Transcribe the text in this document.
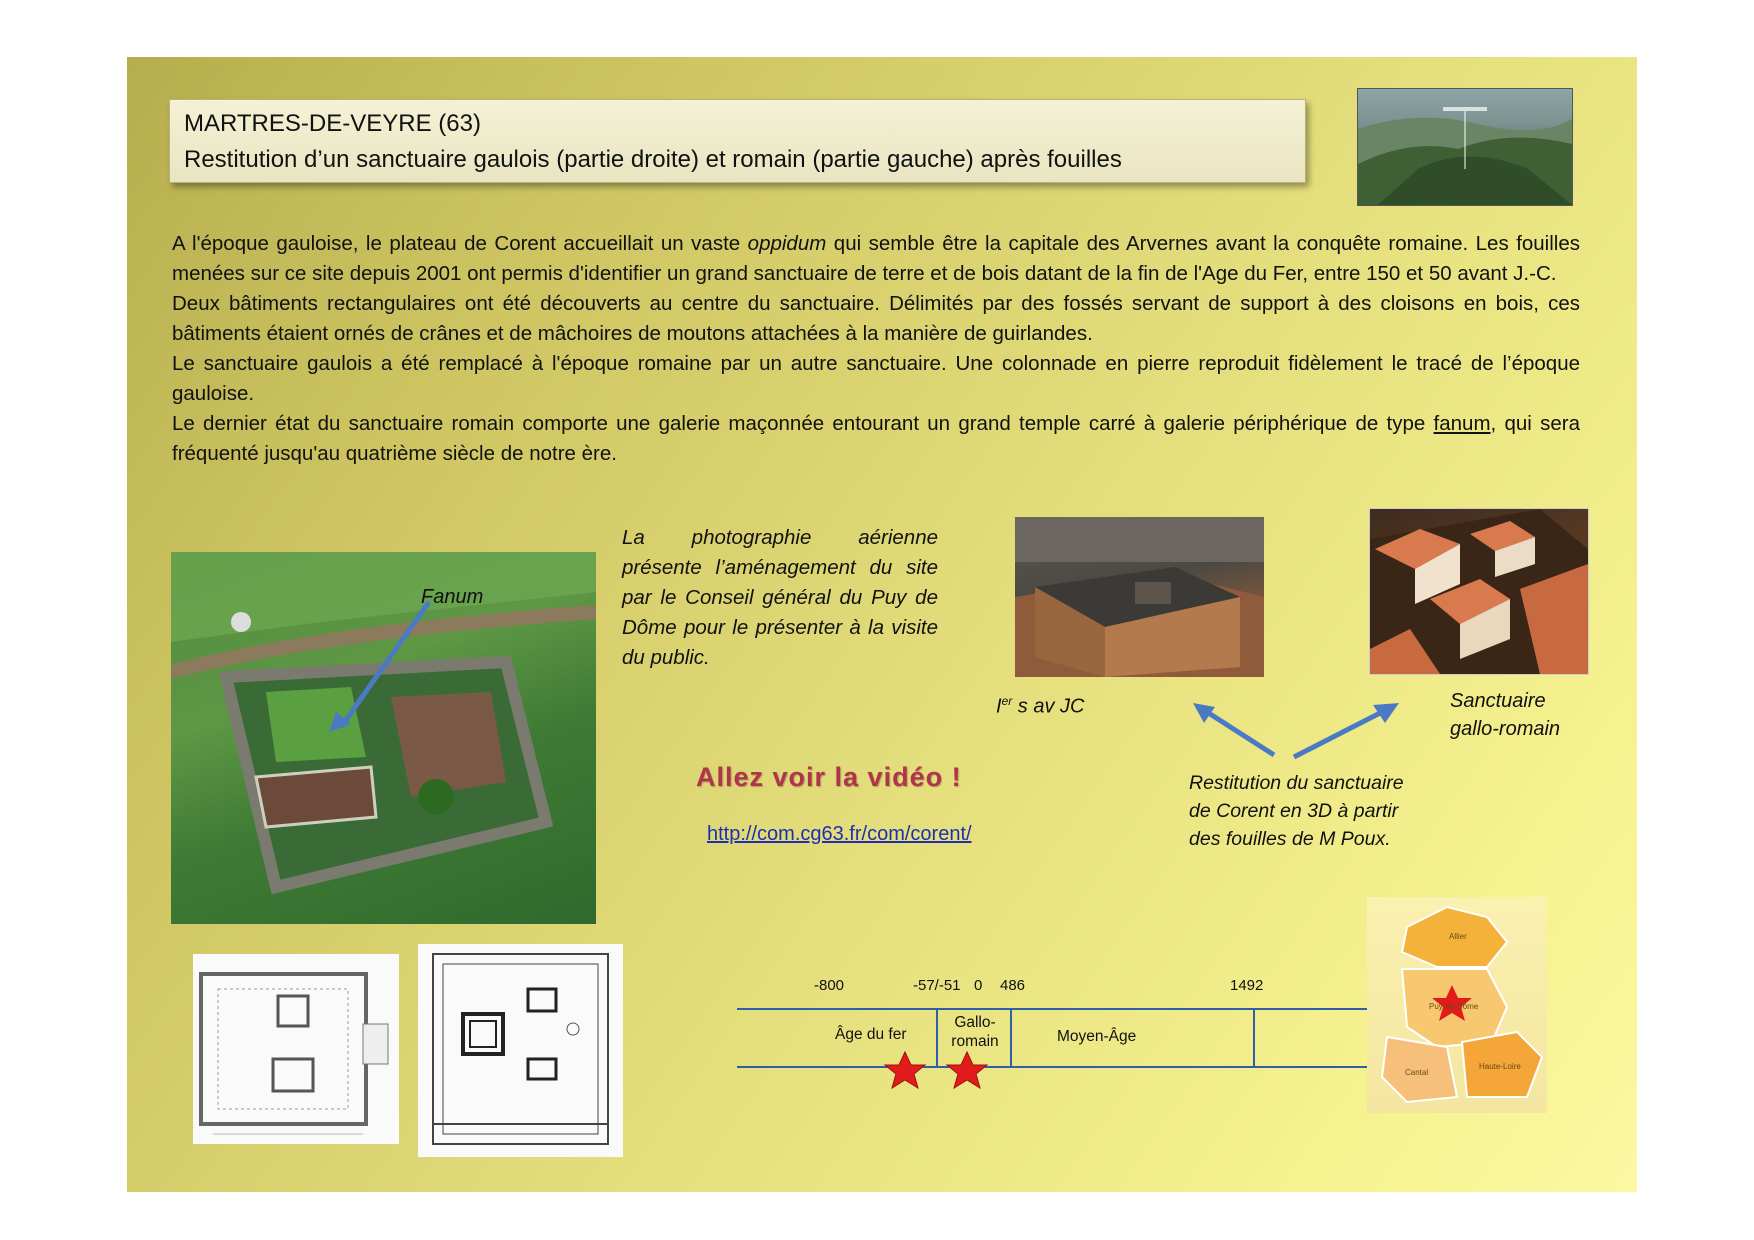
MARTRES-DE-VEYRE (63)
Restitution d’un sanctuaire gaulois (partie droite) et romain (partie gauche) après fouilles

A l'époque gauloise, le plateau de Corent accueillait un vaste oppidum qui semble être la capitale des Arvernes avant la conquête romaine. Les fouilles menées sur ce site depuis 2001 ont permis d'identifier un grand sanctuaire de terre et de bois datant de la fin de l'Age du Fer, entre 150 et 50 avant J.-C.

Deux bâtiments rectangulaires ont été découverts au centre du sanctuaire. Délimités par des fossés servant de support à des cloisons en bois, ces bâtiments étaient ornés de crânes et de mâchoires de moutons attachées à la manière de guirlandes.

Le sanctuaire gaulois a été remplacé à l'époque romaine par un autre sanctuaire. Une colonnade en pierre reproduit fidèlement le tracé de l’époque gauloise.

Le dernier état du sanctuaire romain comporte une galerie maçonnée entourant un grand temple carré à galerie périphérique de type fanum, qui sera fréquenté jusqu'au quatrième siècle de notre ère.

Fanum
La photographie aérienne présente l’aménagement du site par le Conseil général du Puy de Dôme pour le présenter à la visite du public.
Ier s av JC	Sanctuaire
gallo-romain
Restitution du sanctuaire
de Corent en 3D à partir
des fouilles de M Poux.
Allez voir la vidéo !
http://com.cg63.fr/com/corent/
-800	-57/-51 0 486	1492
Âge du fer
Gallo-
romain	Moyen-Âge
Allier
Puy-de-Dôme
Cantal
Haute-Loire
